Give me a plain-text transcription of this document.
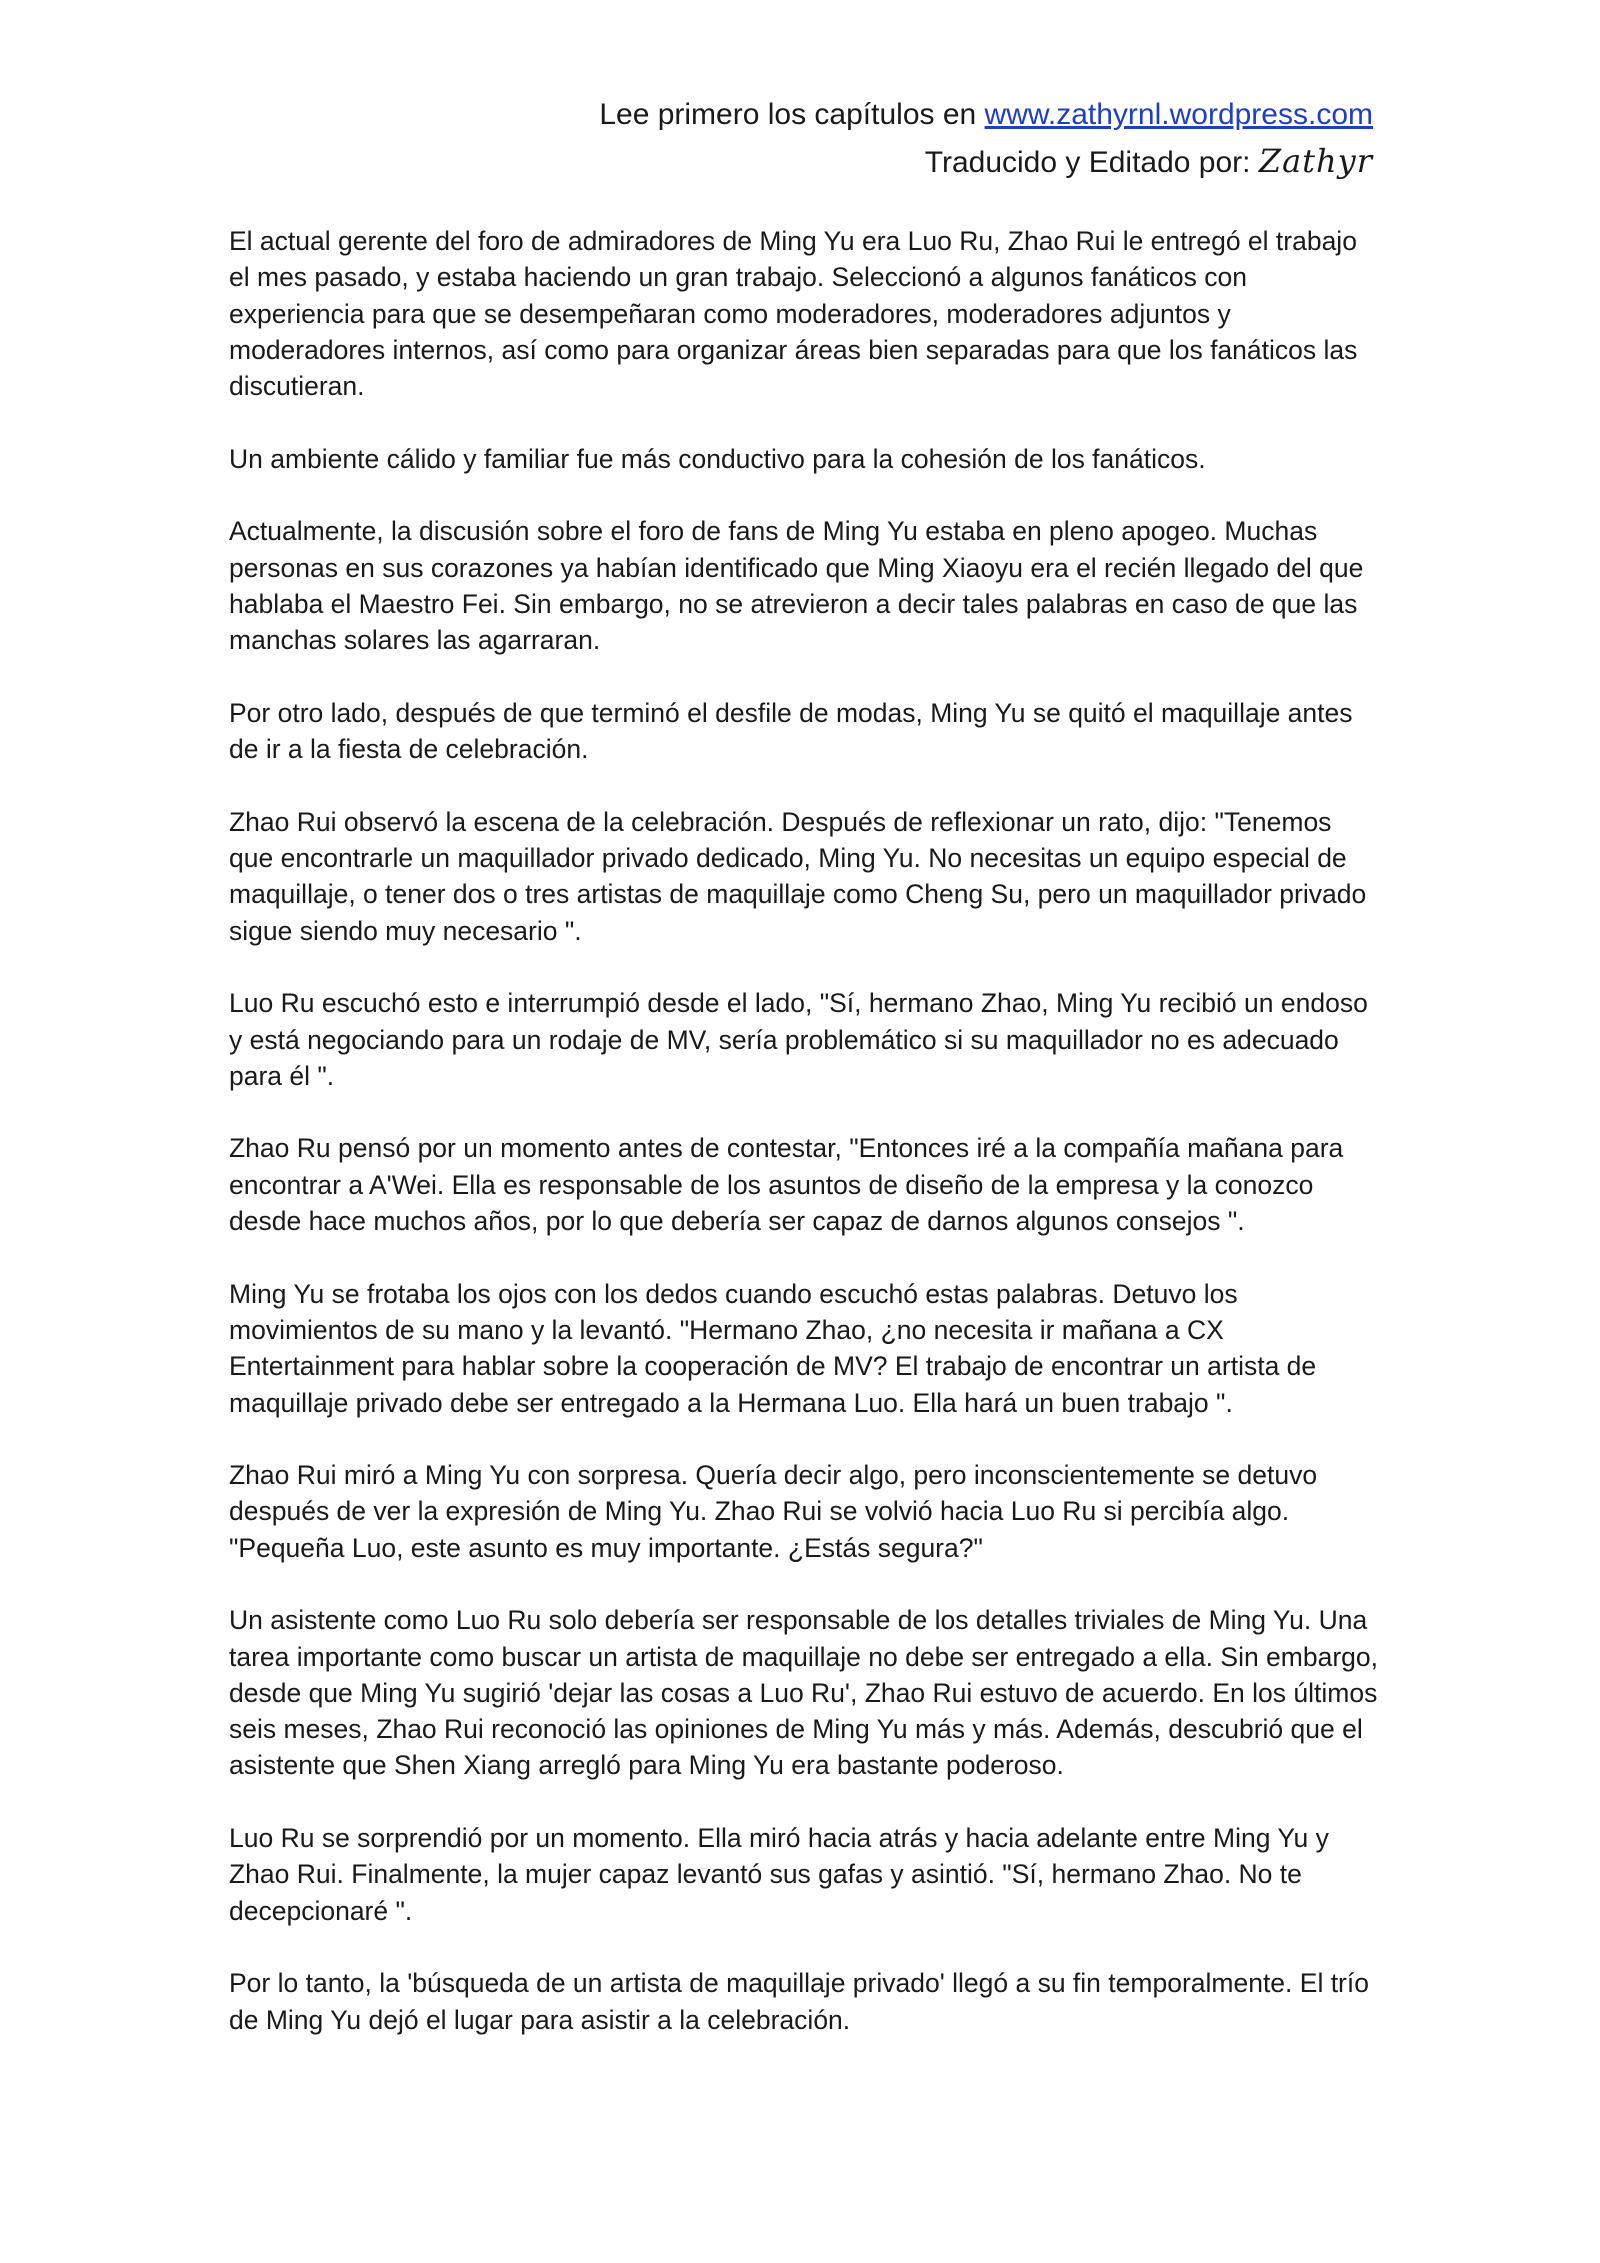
Lee primero los capítulos en www.zathyrnl.wordpress.com
Traducido y Editado por: Zathyr

El actual gerente del foro de admiradores de Ming Yu era Luo Ru, Zhao Rui le entregó el trabajo el mes pasado, y estaba haciendo un gran trabajo. Seleccionó a algunos fanáticos con experiencia para que se desempeñaran como moderadores, moderadores adjuntos y moderadores internos, así como para organizar áreas bien separadas para que los fanáticos las discutieran.

Un ambiente cálido y familiar fue más conductivo para la cohesión de los fanáticos.

Actualmente, la discusión sobre el foro de fans de Ming Yu estaba en pleno apogeo. Muchas personas en sus corazones ya habían identificado que Ming Xiaoyu era el recién llegado del que hablaba el Maestro Fei. Sin embargo, no se atrevieron a decir tales palabras en caso de que las manchas solares las agarraran.

Por otro lado, después de que terminó el desfile de modas, Ming Yu se quitó el maquillaje antes de ir a la fiesta de celebración.

Zhao Rui observó la escena de la celebración. Después de reflexionar un rato, dijo: "Tenemos que encontrarle un maquillador privado dedicado, Ming Yu. No necesitas un equipo especial de maquillaje, o tener dos o tres artistas de maquillaje como Cheng Su, pero un maquillador privado sigue siendo muy necesario ".

Luo Ru escuchó esto e interrumpió desde el lado, "Sí, hermano Zhao, Ming Yu recibió un endoso y está negociando para un rodaje de MV, sería problemático si su maquillador no es adecuado para él ".

Zhao Ru pensó por un momento antes de contestar, "Entonces iré a la compañía mañana para encontrar a A'Wei. Ella es responsable de los asuntos de diseño de la empresa y la conozco desde hace muchos años, por lo que debería ser capaz de darnos algunos consejos ".

Ming Yu se frotaba los ojos con los dedos cuando escuchó estas palabras. Detuvo los movimientos de su mano y la levantó. "Hermano Zhao, ¿no necesita ir mañana a CX Entertainment para hablar sobre la cooperación de MV? El trabajo de encontrar un artista de maquillaje privado debe ser entregado a la Hermana Luo. Ella hará un buen trabajo ".

Zhao Rui miró a Ming Yu con sorpresa. Quería decir algo, pero inconscientemente se detuvo después de ver la expresión de Ming Yu. Zhao Rui se volvió hacia Luo Ru si percibía algo. "Pequeña Luo, este asunto es muy importante. ¿Estás segura?"

Un asistente como Luo Ru solo debería ser responsable de los detalles triviales de Ming Yu. Una tarea importante como buscar un artista de maquillaje no debe ser entregado a ella. Sin embargo, desde que Ming Yu sugirió 'dejar las cosas a Luo Ru', Zhao Rui estuvo de acuerdo. En los últimos seis meses, Zhao Rui reconoció las opiniones de Ming Yu más y más. Además, descubrió que el asistente que Shen Xiang arregló para Ming Yu era bastante poderoso.

Luo Ru se sorprendió por un momento. Ella miró hacia atrás y hacia adelante entre Ming Yu y Zhao Rui. Finalmente, la mujer capaz levantó sus gafas y asintió. "Sí, hermano Zhao. No te decepcionaré ".

Por lo tanto, la 'búsqueda de un artista de maquillaje privado' llegó a su fin temporalmente. El trío de Ming Yu dejó el lugar para asistir a la celebración.
